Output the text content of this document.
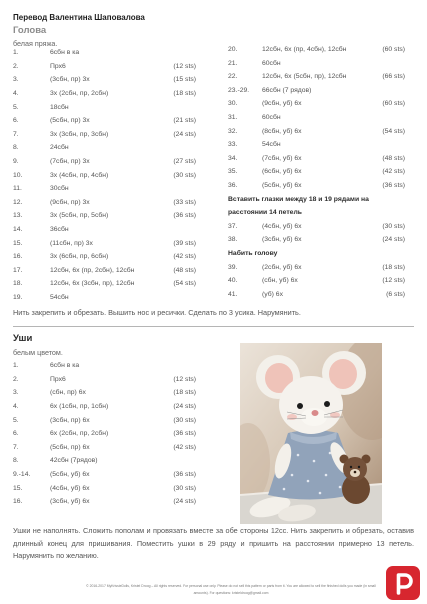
Перевод Валентина Шаповалова
Голова
белая пряжа.
1.	6сбн в ка
2.	Прх6	(12 sts)
3.	(3сбн, пр) 3х	(15 sts)
4.	3х (2сбн, пр, 2сбн)	(18 sts)
5.	18сбн
6.	(5сбн, пр) 3х	(21 sts)
7.	3х (3сбн, пр, 3сбн)	(24 sts)
8.	24сбн
9.	(7сбн, пр) 3х	(27 sts)
10.	3х (4сбн, пр, 4сбн)	(30 sts)
11.	30сбн
12.	(9сбн, пр) 3х	(33 sts)
13.	3х (5сбн, пр, 5сбн)	(36 sts)
14.	36сбн
15.	(11сбн, пр) 3х	(39 sts)
16.	3х (6сбн, пр, 6сбн)	(42 sts)
17.	12сбн, 6х (пр, 2сбн), 12сбн	(48 sts)
18.	12сбн, 6х (3сбн, пр), 12сбн	(54 sts)
19.	54сбн
20.	12сбн, 6х (пр, 4сбн), 12сбн	(60 sts)
21.	60сбн
22.	12сбн, 6х (5сбн, пр), 12сбн	(66 sts)
23.-29. 66сбн (7 рядов)
30.	(9сбн, уб) 6х	(60 sts)
31.	60сбн
32.	(8сбн, уб) 6х	(54 sts)
33.	54сбн
34.	(7сбн, уб) 6х	(48 sts)
35.	(6сбн, уб) 6х	(42 sts)
36.	(5сбн, уб) 6х	(36 sts)
Вставить глазки между 18 и 19 рядами на расстоянии 14 петель
37.	(4сбн, уб) 6х	(30 sts)
38.	(3сбн, уб) 6х	(24 sts)
Набить голову
39.	(2сбн, уб) 6х	(18 sts)
40.	(сбн, уб) 6х	(12 sts)
41.	(уб) 6х	(6 sts)
Нить закрепить и обрезать. Вышить нос и ресички. Сделать по 3 усика. Нарумянить.
Уши
белым цветом.
1.	6сбн в ка
2.	Прх6	(12 sts)
3.	(сбн, пр) 6х	(18 sts)
4.	6х (1сбн, пр, 1сбн)	(24 sts)
5.	(3сбн, пр) 6х	(30 sts)
6.	6х (2сбн, пр, 2сбн)	(36 sts)
7.	(5сбн, пр) 6х	(42 sts)
8.	42сбн (7рядов)
9.-14.	(5сбн, уб) 6х	(36 sts)
15.	(4сбн, уб) 6х	(30 sts)
16.	(3сбн, уб) 6х	(24 sts)
Ушки не наполнять. Сложить пополам и провязать вместе за обе стороны 12сс. Нить закрепить и обрезать, оставив длинный конец для пришивания. Поместить ушки в 29 ряду и пришить на расстоянии примерно 13 петель. Нарумянить по желанию.
© 2016-2017 MyKrissieDolls, Kristel Droog – All rights reserved. For personal use only. Please do not sell this pattern or parts from it. You are allowed to sell the finished dolls you made (in small amounts). For questions: kristeldroog@gmail.com
